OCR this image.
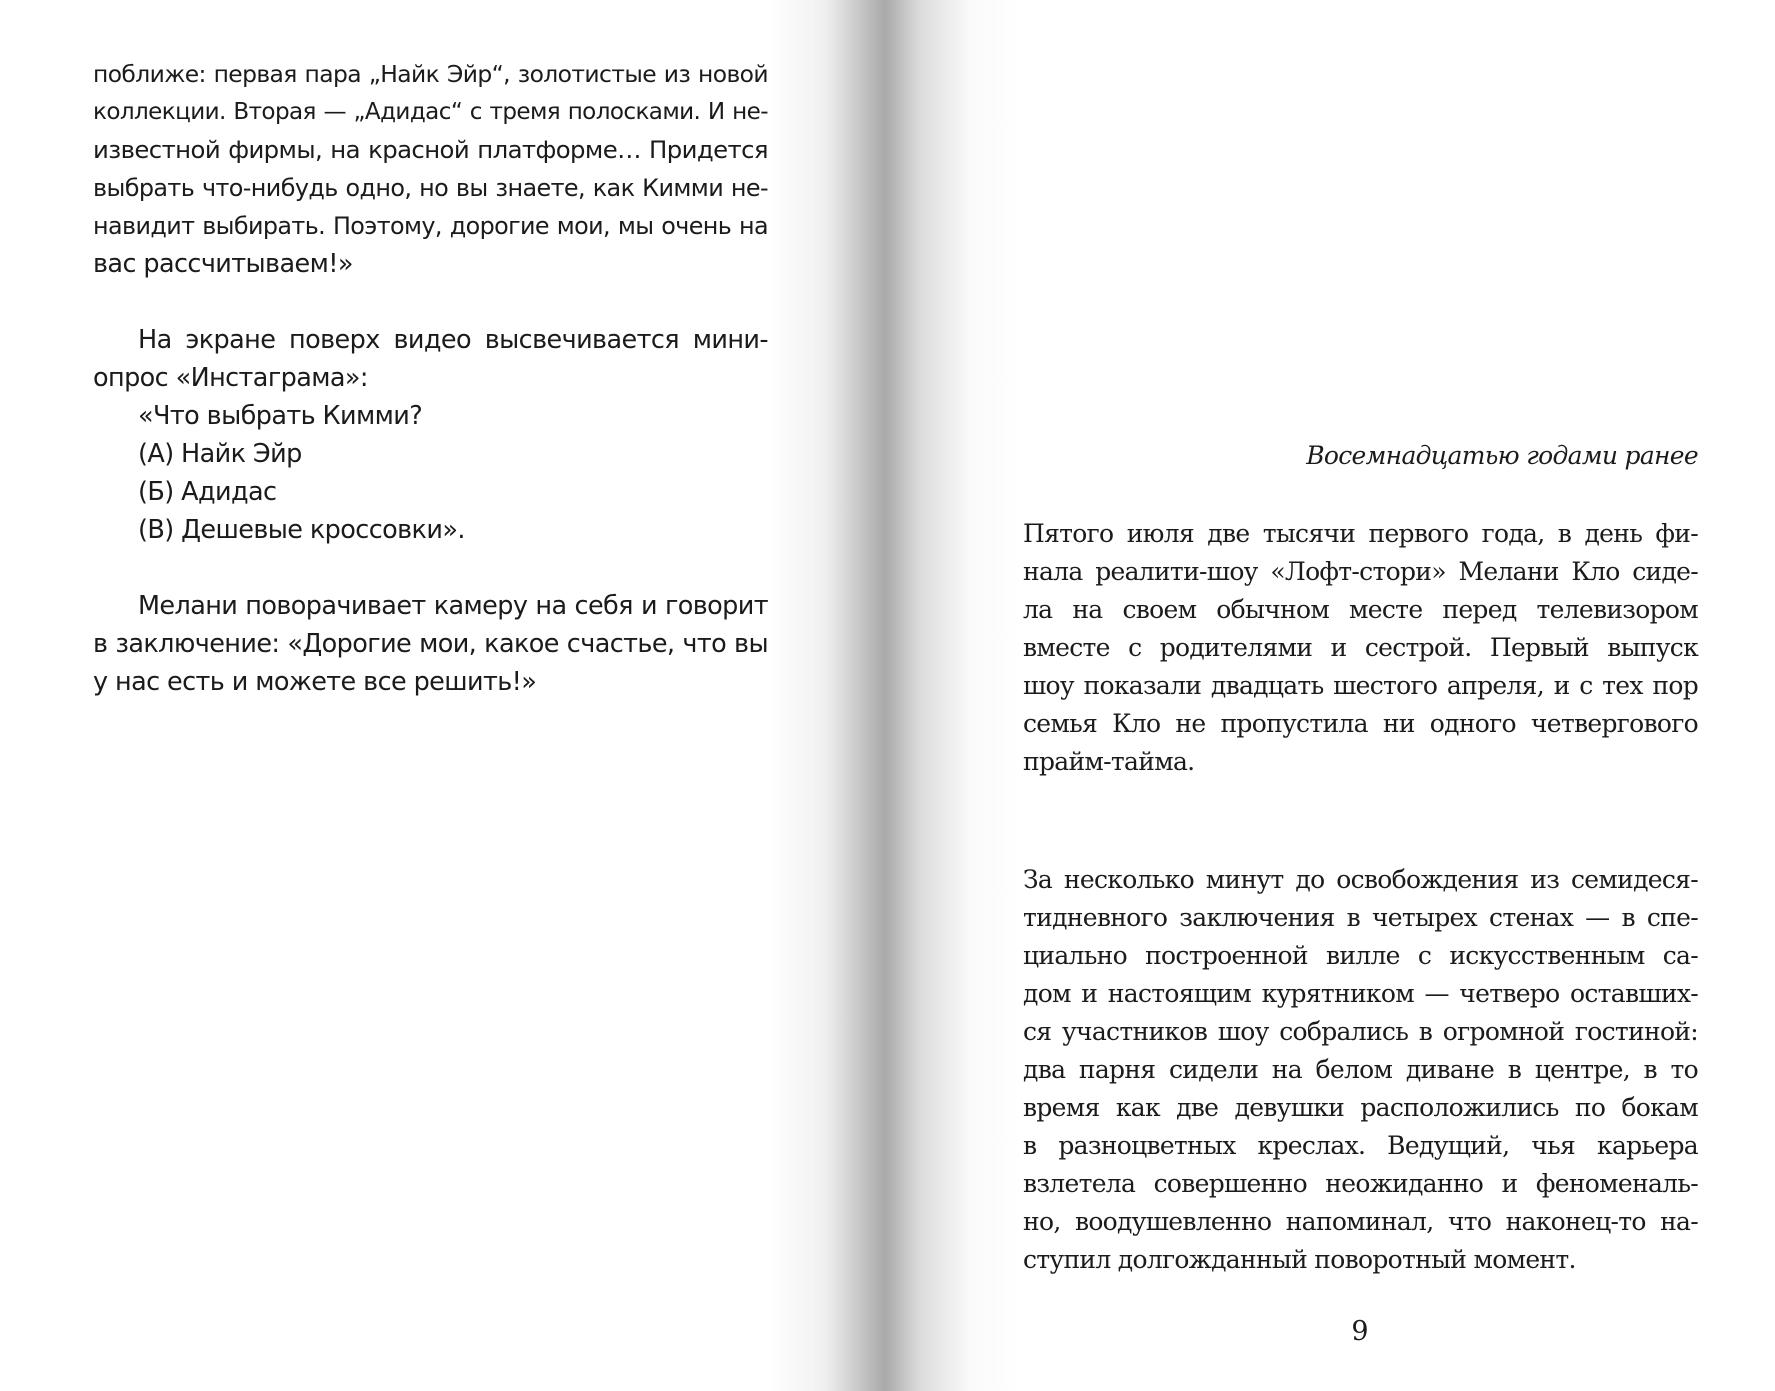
поближе: первая пара „Найк Эйр“, золотистые из новой
коллекции. Вторая — „Адидас“ с тремя полосками. И не-
известной фирмы, на красной платформе… Придется
выбрать что-нибудь одно, но вы знаете, как Кимми не-
навидит выбирать. Поэтому, дорогие мои, мы очень на
вас рассчитываем!»
На экране поверх видео высвечивается мини-
опрос «Инстаграма»:
«Что выбрать Кимми?
(А) Найк Эйр
(Б) Адидас
(В) Дешевые кроссовки».
Мелани поворачивает камеру на себя и говорит
в заключение: «Дорогие мои, какое счастье, что вы
у нас есть и можете все решить!»
Восемнадцатью годами ранее
Пятого июля две тысячи первого года, в день фи-
нала реалити-шоу «Лофт-стори» Мелани Кло сиде-
ла на своем обычном месте перед телевизором
вместе с родителями и сестрой. Первый выпуск
шоу показали двадцать шестого апреля, и с тех пор
семья Кло не пропустила ни одного четвергового
прайм-тайма.
За несколько минут до освобождения из семидеся-
тидневного заключения в четырех стенах — в спе-
циально построенной вилле с искусственным са-
дом и настоящим курятником — четверо оставших-
ся участников шоу собрались в огромной гостиной:
два парня сидели на белом диване в центре, в то
время как две девушки расположились по бокам
в разноцветных креслах. Ведущий, чья карьера
взлетела совершенно неожиданно и феноменаль-
но, воодушевленно напоминал, что наконец-то на-
ступил долгожданный поворотный момент.
9
